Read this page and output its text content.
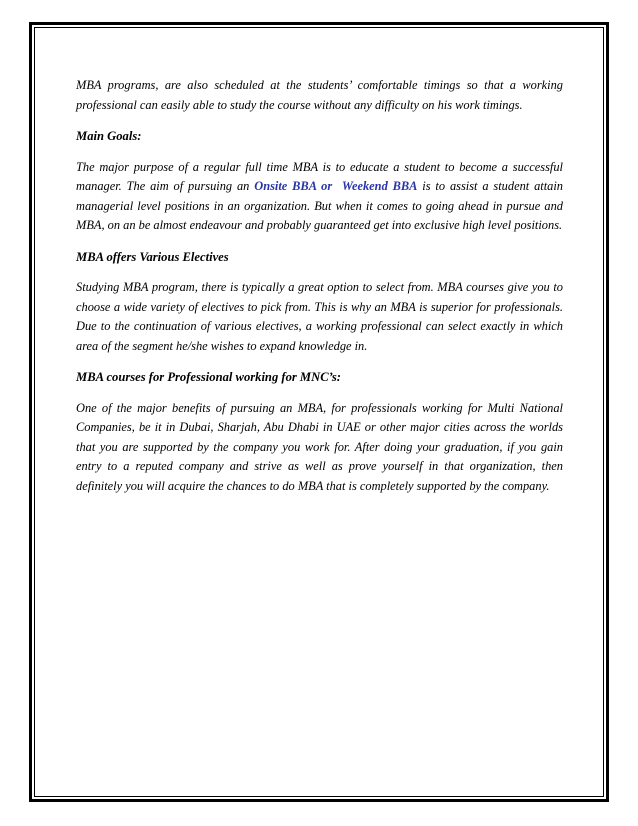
MBA programs, are also scheduled at the students’ comfortable timings so that a working professional can easily able to study the course without any difficulty on his work timings.

Main Goals:

The major purpose of a regular full time MBA is to educate a student to become a successful manager. The aim of pursuing an Onsite BBA or Weekend BBA is to assist a student attain managerial level positions in an organization. But when it comes to going ahead in pursue and MBA, on an be almost endeavour and probably guaranteed get into exclusive high level positions.

MBA offers Various Electives

Studying MBA program, there is typically a great option to select from. MBA courses give you to choose a wide variety of electives to pick from. This is why an MBA is superior for professionals. Due to the continuation of various electives, a working professional can select exactly in which area of the segment he/she wishes to expand knowledge in.

MBA courses for Professional working for MNC’s:

One of the major benefits of pursuing an MBA, for professionals working for Multi National Companies, be it in Dubai, Sharjah, Abu Dhabi in UAE or other major cities across the worlds that you are supported by the company you work for. After doing your graduation, if you gain entry to a reputed company and strive as well as prove yourself in that organization, then definitely you will acquire the chances to do MBA that is completely supported by the company.
